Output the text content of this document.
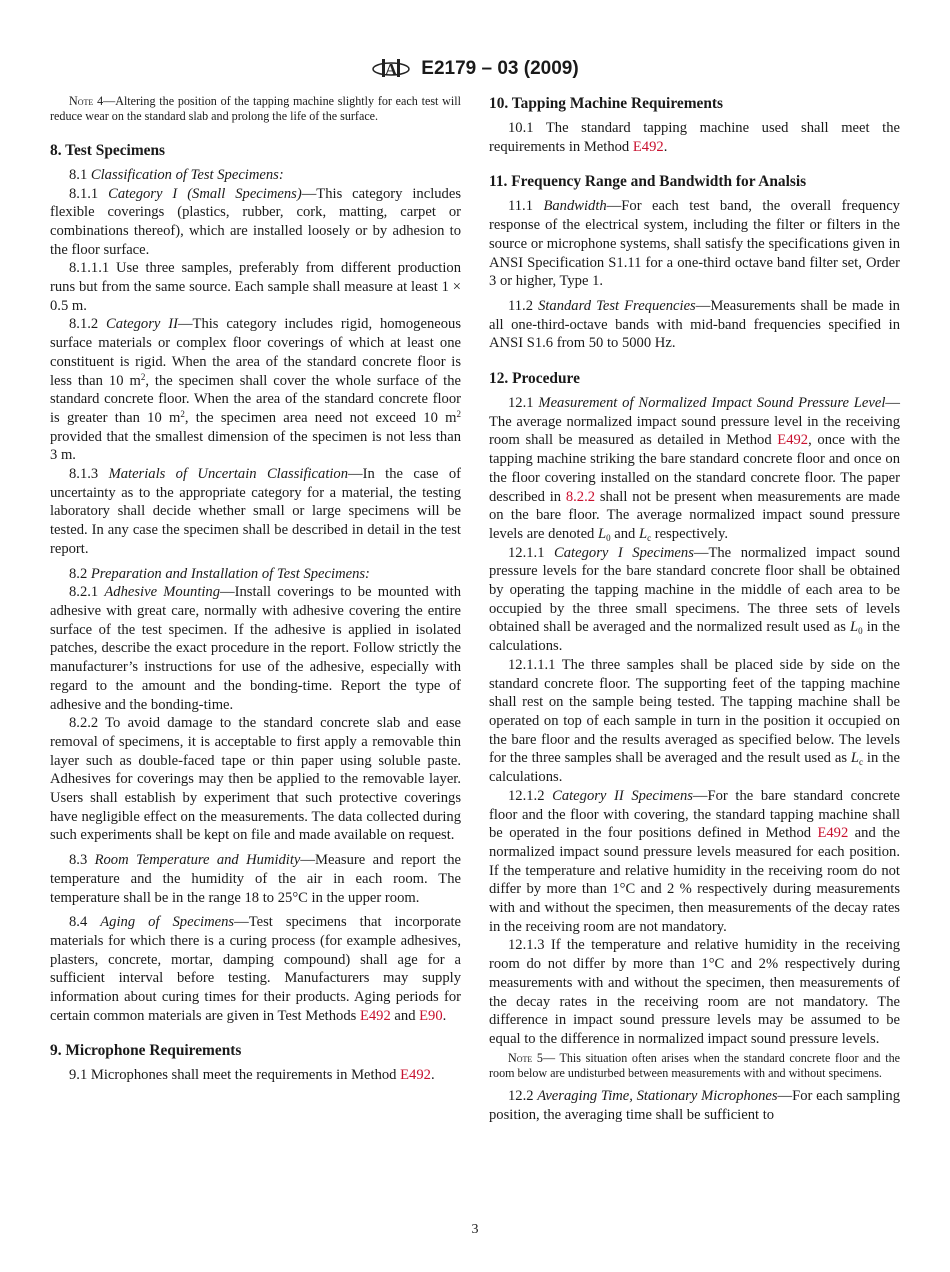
A E2179 – 03 (2009)

Note 4—Altering the position of the tapping machine slightly for each test will reduce wear on the standard slab and prolong the life of the surface.

8. Test Specimens

8.1 Classification of Test Specimens:

8.1.1 Category I (Small Specimens)—This category includes flexible coverings (plastics, rubber, cork, matting, carpet or combinations thereof), which are installed loosely or by adhesion to the floor surface.

8.1.1.1 Use three samples, preferably from different production runs but from the same source. Each sample shall measure at least 1 × 0.5 m.

8.1.2 Category II—This category includes rigid, homogeneous surface materials or complex floor coverings of which at least one constituent is rigid. When the area of the standard concrete floor is less than 10 $m^2$, the specimen shall cover the whole surface of the standard concrete floor. When the area of the standard concrete floor is greater than 10 $m^2$, the specimen area need not exceed 10 $m^2$ provided that the smallest dimension of the specimen is not less than 3 m.

8.1.3 Materials of Uncertain Classification—In the case of uncertainty as to the appropriate category for a material, the testing laboratory shall decide whether small or large specimens will be tested. In any case the specimen shall be described in detail in the test report.

8.2 Preparation and Installation of Test Specimens:

8.2.1 Adhesive Mounting—Install coverings to be mounted with adhesive with great care, normally with adhesive covering the entire surface of the test specimen. If the adhesive is applied in isolated patches, describe the exact procedure in the report. Follow strictly the manufacturer’s instructions for use of the adhesive, especially with regard to the amount and the bonding-time. Report the type of adhesive and the bonding-time.

8.2.2 To avoid damage to the standard concrete slab and ease removal of specimens, it is acceptable to first apply a removable thin layer such as double-faced tape or thin paper using soluble paste. Adhesives for coverings may then be applied to the removable layer. Users shall establish by experiment that such protective coverings have negligible effect on the measurements. The data collected during such experiments shall be kept on file and made available on request.

8.3 Room Temperature and Humidity—Measure and report the temperature and the humidity of the air in each room. The temperature shall be in the range 18 to 25°C in the upper room.

8.4 Aging of Specimens—Test specimens that incorporate materials for which there is a curing process (for example adhesives, plasters, concrete, mortar, damping compound) shall age for a sufficient interval before testing. Manufacturers may supply information about curing times for their products. Aging periods for certain common materials are given in Test Methods E492 and E90.

9. Microphone Requirements

9.1 Microphones shall meet the requirements in Method E492.

10. Tapping Machine Requirements

10.1 The standard tapping machine used shall meet the requirements in Method E492.

11. Frequency Range and Bandwidth for Analsis

11.1 Bandwidth—For each test band, the overall frequency response of the electrical system, including the filter or filters in the source or microphone systems, shall satisfy the specifications given in ANSI Specification S1.11 for a one-third octave band filter set, Order 3 or higher, Type 1.

11.2 Standard Test Frequencies—Measurements shall be made in all one-third-octave bands with mid-band frequencies specified in ANSI S1.6 from 50 to 5000 Hz.

12. Procedure

12.1 Measurement of Normalized Impact Sound Pressure Level—The average normalized impact sound pressure level in the receiving room shall be measured as detailed in Method E492, once with the tapping machine striking the bare standard concrete floor and once on the floor covering installed on the standard concrete floor. The paper described in 8.2.2 shall not be present when measurements are made on the bare floor. The average normalized impact sound pressure levels are denoted $L_0$ and $L_c$ respectively.

12.1.1 Category I Specimens—The normalized impact sound pressure levels for the bare standard concrete floor shall be obtained by operating the tapping machine in the middle of each area to be occupied by the three small specimens. The three sets of levels obtained shall be averaged and the normalized result used as $L_0$ in the calculations.

12.1.1.1 The three samples shall be placed side by side on the standard concrete floor. The supporting feet of the tapping machine shall rest on the sample being tested. The tapping machine shall be operated on top of each sample in turn in the position it occupied on the bare floor and the results averaged as specified below. The levels for the three samples shall be averaged and the result used as $L_c$ in the calculations.

12.1.2 Category II Specimens—For the bare standard concrete floor and the floor with covering, the standard tapping machine shall be operated in the four positions defined in Method E492 and the normalized impact sound pressure levels measured for each position. If the temperature and relative humidity in the receiving room do not differ by more than 1°C and 2 % respectively during measurements with and without the specimen, then measurements of the decay rates in the receiving room are not mandatory.

12.1.3 If the temperature and relative humidity in the receiving room do not differ by more than 1°C and 2% respectively during measurements with and without the specimen, then measurements of the decay rates in the receiving room are not mandatory. The difference in impact sound pressure levels may be assumed to be equal to the difference in normalized impact sound pressure levels.

Note 5— This situation often arises when the standard concrete floor and the room below are undisturbed between measurements with and without specimens.

12.2 Averaging Time, Stationary Microphones—For each sampling position, the averaging time shall be sufficient to

3
